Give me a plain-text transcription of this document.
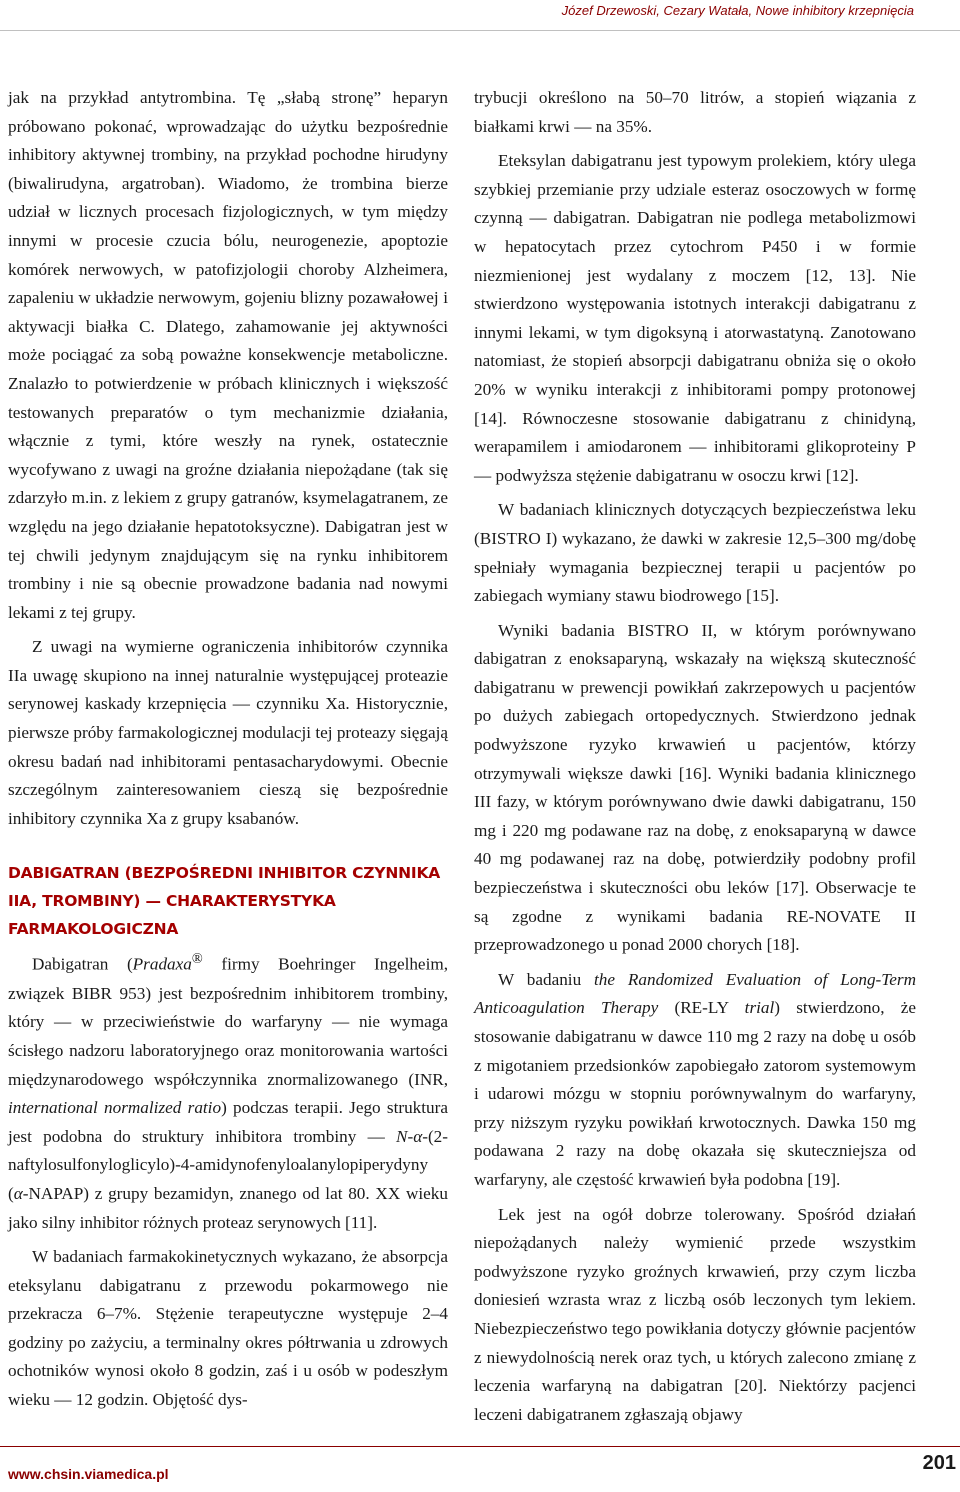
Józef Drzewoski, Cezary Watała, Nowe inhibitory krzepnięcia

jak na przykład antytrombina. Tę „słabą stronę” heparyn próbowano pokonać, wprowadzając do użytku bezpośrednie inhibitory aktywnej trombiny, na przykład pochodne hirudyny (biwalirudyna, argatroban). Wiadomo, że trombina bierze udział w licznych procesach fizjologicznych, w tym między innymi w procesie czucia bólu, neurogenezie, apoptozie komórek nerwowych, w patofizjologii choroby Alzheimera, zapaleniu w układzie nerwowym, gojeniu blizny pozawałowej i aktywacji białka C. Dlatego, zahamowanie jej aktywności może pociągać za sobą poważne konsekwencje metaboliczne. Znalazło to potwierdzenie w próbach klinicznych i większość testowanych preparatów o tym mechanizmie działania, włącznie z tymi, które weszły na rynek, ostatecznie wycofywano z uwagi na groźne działania niepożądane (tak się zdarzyło m.in. z lekiem z grupy gatranów, ksymelagatranem, ze względu na jego działanie hepatotoksyczne). Dabigatran jest w tej chwili jedynym znajdującym się na rynku inhibitorem trombiny i nie są obecnie prowadzone badania nad nowymi lekami z tej grupy.

Z uwagi na wymierne ograniczenia inhibitorów czynnika IIa uwagę skupiono na innej naturalnie występującej proteazie serynowej kaskady krzepnięcia — czynniku Xa. Historycznie, pierwsze próby farmakologicznej modulacji tej proteazy sięgają okresu badań nad inhibitorami pentasacharydowymi. Obecnie szczególnym zainteresowaniem cieszą się bezpośrednie inhibitory czynnika Xa z grupy ksabanów.

DABIGATRAN (BEZPOŚREDNI INHIBITOR CZYNNIKA IIA, TROMBINY) — CHARAKTERYSTYKA FARMAKOLOGICZNA

Dabigatran (Pradaxa® firmy Boehringer Ingelheim, związek BIBR 953) jest bezpośrednim inhibitorem trombiny, który — w przeciwieństwie do warfaryny — nie wymaga ścisłego nadzoru laboratoryjnego oraz monitorowania wartości międzynarodowego współczynnika znormalizowanego (INR, international normalized ratio) podczas terapii. Jego struktura jest podobna do struktury inhibitora trombiny — N-α-(2-naftylosulfonyloglicylo)-4-amidynofenyloalanylopiperydyny (α-NAPAP) z grupy bezamidyn, znanego od lat 80. XX wieku jako silny inhibitor różnych proteaz serynowych [11].

W badaniach farmakokinetycznych wykazano, że absorpcja eteksylanu dabigatranu z przewodu pokarmowego nie przekracza 6–7%. Stężenie terapeutyczne występuje 2–4 godziny po zażyciu, a terminalny okres półtrwania u zdrowych ochotników wynosi około 8 godzin, zaś i u osób w podeszłym wieku — 12 godzin. Objętość dys-

trybucji określono na 50–70 litrów, a stopień wiązania z białkami krwi — na 35%.

Eteksylan dabigatranu jest typowym prolekiem, który ulega szybkiej przemianie przy udziale esteraz osoczowych w formę czynną — dabigatran. Dabigatran nie podlega metabolizmowi w hepatocytach przez cytochrom P450 i w formie niezmienionej jest wydalany z moczem [12, 13]. Nie stwierdzono występowania istotnych interakcji dabigatranu z innymi lekami, w tym digoksyną i atorwastatyną. Zanotowano natomiast, że stopień absorpcji dabigatranu obniża się o około 20% w wyniku interakcji z inhibitorami pompy protonowej [14]. Równoczesne stosowanie dabigatranu z chinidyną, werapamilem i amiodaronem — inhibitorami glikoproteiny P — podwyższa stężenie dabigatranu w osoczu krwi [12].

W badaniach klinicznych dotyczących bezpieczeństwa leku (BISTRO I) wykazano, że dawki w zakresie 12,5–300 mg/dobę spełniały wymagania bezpiecznej terapii u pacjentów po zabiegach wymiany stawu biodrowego [15].

Wyniki badania BISTRO II, w którym porównywano dabigatran z enoksaparyną, wskazały na większą skuteczność dabigatranu w prewencji powikłań zakrzepowych u pacjentów po dużych zabiegach ortopedycznych. Stwierdzono jednak podwyższone ryzyko krwawień u pacjentów, którzy otrzymywali większe dawki [16]. Wyniki badania klinicznego III fazy, w którym porównywano dwie dawki dabigatranu, 150 mg i 220 mg podawane raz na dobę, z enoksaparyną w dawce 40 mg podawanej raz na dobę, potwierdziły podobny profil bezpieczeństwa i skuteczności obu leków [17]. Obserwacje te są zgodne z wynikami badania RE-NOVATE II przeprowadzonego u ponad 2000 chorych [18].

W badaniu the Randomized Evaluation of Long-Term Anticoagulation Therapy (RE-LY trial) stwierdzono, że stosowanie dabigatranu w dawce 110 mg 2 razy na dobę u osób z migotaniem przedsionków zapobiegało zatorom systemowym i udarowi mózgu w stopniu porównywalnym do warfaryny, przy niższym ryzyku powikłań krwotocznych. Dawka 150 mg podawana 2 razy na dobę okazała się skuteczniejsza od warfaryny, ale częstość krwawień była podobna [19].

Lek jest na ogół dobrze tolerowany. Spośród działań niepożądanych należy wymienić przede wszystkim podwyższone ryzyko groźnych krwawień, przy czym liczba doniesień wzrasta wraz z liczbą osób leczonych tym lekiem. Niebezpieczeństwo tego powikłania dotyczy głównie pacjentów z niewydolnością nerek oraz tych, u których zalecono zmianę z leczenia warfaryną na dabigatran [20]. Niektórzy pacjenci leczeni dabigatranem zgłaszają objawy

www.chsin.viamedica.pl	201
